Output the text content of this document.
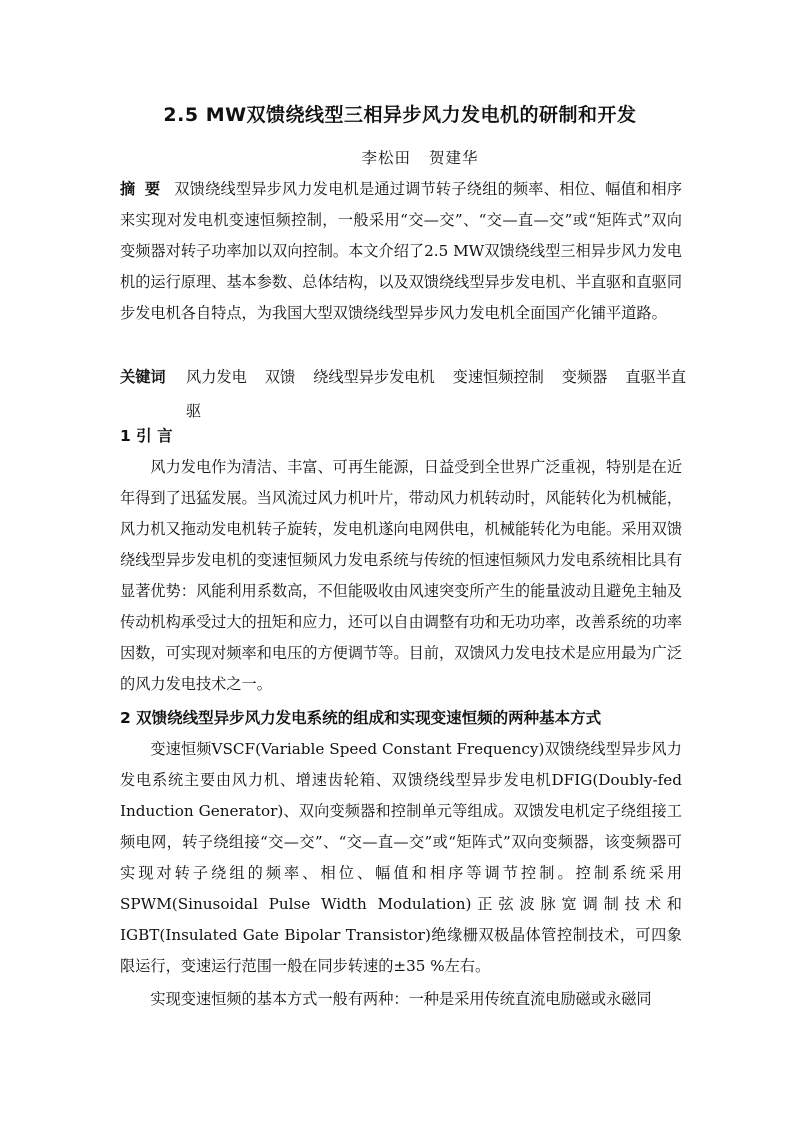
2.5 MW双馈绕线型三相异步风力发电机的研制和开发
李松田 贺建华
摘 要 双馈绕线型异步风力发电机是通过调节转子绕组的频率、相位、幅值和相序来实现对发电机变速恒频控制，一般采用“交—交”、“交—直—交”或“矩阵式”双向变频器对转子功率加以双向控制。本文介绍了2.5 MW双馈绕线型三相异步风力发电机的运行原理、基本参数、总体结构，以及双馈绕线型异步发电机、半直驱和直驱同步发电机各自特点，为我国大型双馈绕线型异步风力发电机全面国产化铺平道路。
关键词 风力发电 双馈 绕线型异步发电机 变速恒频控制 变频器 直驱半直驱
1 引 言
风力发电作为清洁、丰富、可再生能源，日益受到全世界广泛重视，特别是在近年得到了迅猛发展。当风流过风力机叶片，带动风力机转动时，风能转化为机械能，风力机又拖动发电机转子旋转，发电机遂向电网供电，机械能转化为电能。采用双馈绕线型异步发电机的变速恒频风力发电系统与传统的恒速恒频风力发电系统相比具有显著优势：风能利用系数高，不但能吸收由风速突变所产生的能量波动且避免主轴及传动机构承受过大的扭矩和应力，还可以自由调整有功和无功功率，改善系统的功率因数，可实现对频率和电压的方便调节等。目前，双馈风力发电技术是应用最为广泛的风力发电技术之一。
2 双馈绕线型异步风力发电系统的组成和实现变速恒频的两种基本方式
变速恒频VSCF(Variable Speed Constant Frequency)双馈绕线型异步风力发电系统主要由风力机、增速齿轮箱、双馈绕线型异步发电机DFIG(Doubly-fed Induction Generator)、双向变频器和控制单元等组成。双馈发电机定子绕组接工频电网，转子绕组接“交—交”、“交—直—交”或“矩阵式”双向变频器，该变频器可实现对转子绕组的频率、相位、幅值和相序等调节控制。控制系统采用SPWM(Sinusoidal Pulse Width Modulation)正弦波脉宽调制技术和IGBT(Insulated Gate Bipolar Transistor)绝缘栅双极晶体管控制技术，可四象限运行，变速运行范围一般在同步转速的±35 %左右。
实现变速恒频的基本方式一般有两种：一种是采用传统直流电励磁或永磁同
